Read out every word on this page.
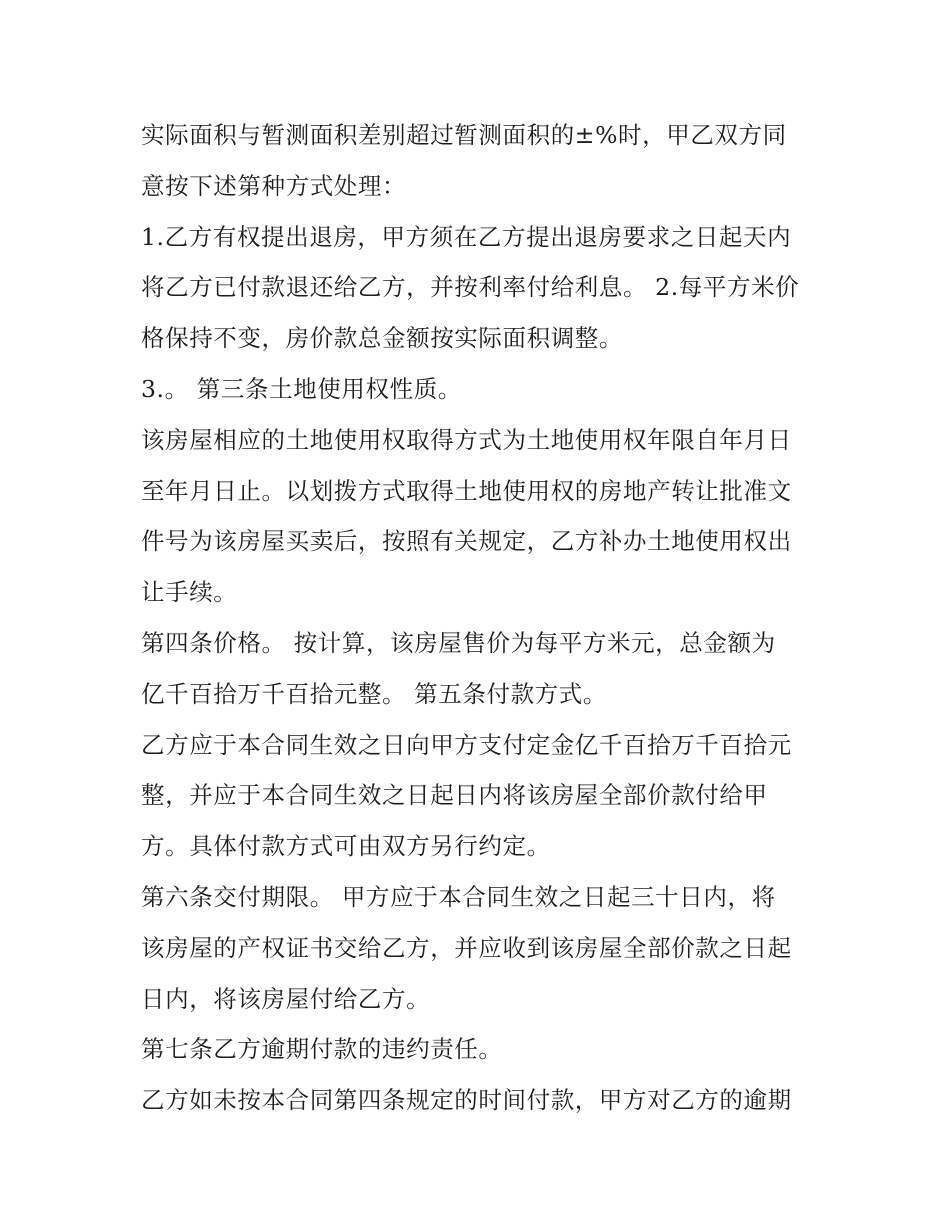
实际面积与暂测面积差别超过暂测面积的±%时，甲乙双方同
意按下述第种方式处理：
1.乙方有权提出退房，甲方须在乙方提出退房要求之日起天内
将乙方已付款退还给乙方，并按利率付给利息。 2.每平方米价
格保持不变，房价款总金额按实际面积调整。
3.。 第三条土地使用权性质。
该房屋相应的土地使用权取得方式为土地使用权年限自年月日
至年月日止。以划拨方式取得土地使用权的房地产转让批准文
件号为该房屋买卖后，按照有关规定，乙方补办土地使用权出
让手续。
第四条价格。 按计算，该房屋售价为每平方米元，总金额为
亿千百拾万千百拾元整。 第五条付款方式。
乙方应于本合同生效之日向甲方支付定金亿千百拾万千百拾元
整，并应于本合同生效之日起日内将该房屋全部价款付给甲
方。具体付款方式可由双方另行约定。
第六条交付期限。 甲方应于本合同生效之日起三十日内，将
该房屋的产权证书交给乙方，并应收到该房屋全部价款之日起
日内，将该房屋付给乙方。
第七条乙方逾期付款的违约责任。
乙方如未按本合同第四条规定的时间付款，甲方对乙方的逾期
